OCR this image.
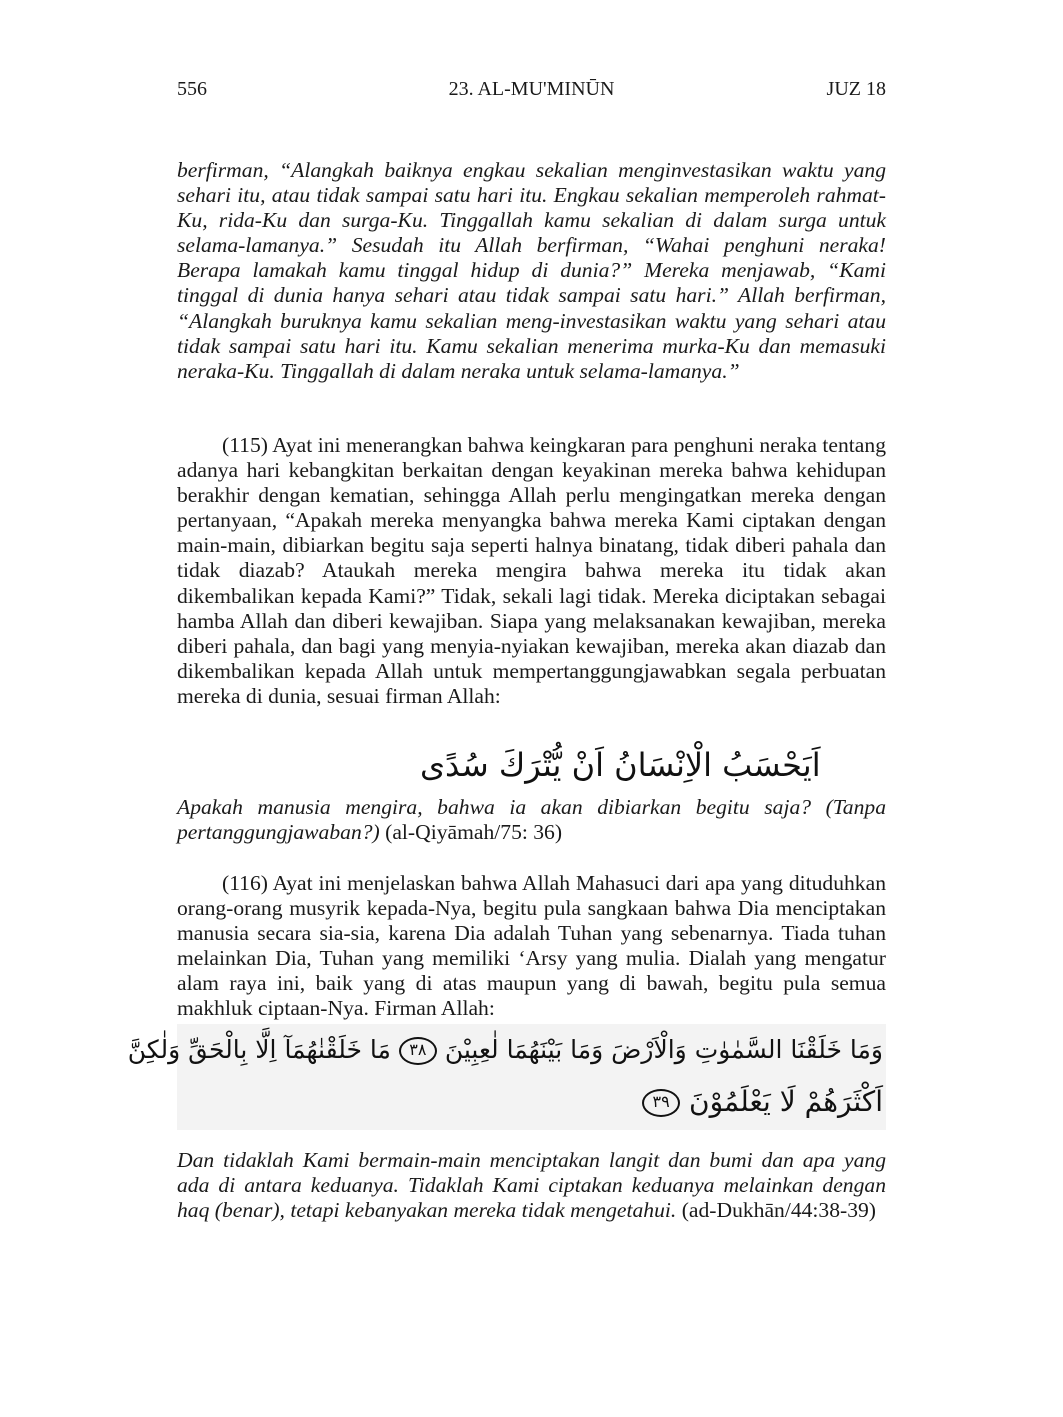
556	23. AL-MU'MINŪN	JUZ 18

berfirman, “Alangkah baiknya engkau sekalian menginvestasikan waktu yang sehari itu, atau tidak sampai satu hari itu. Engkau sekalian memperoleh rahmat-Ku, rida-Ku dan surga-Ku. Tinggallah kamu sekalian di dalam surga untuk selama-lamanya.” Sesudah itu Allah berfirman, “Wahai penghuni neraka! Berapa lamakah kamu tinggal hidup di dunia?” Mereka menjawab, “Kami tinggal di dunia hanya sehari atau tidak sampai satu hari.” Allah berfirman, “Alangkah buruknya kamu sekalian meng-investasikan waktu yang sehari atau tidak sampai satu hari itu. Kamu sekalian menerima murka-Ku dan memasuki neraka-Ku. Tinggallah di dalam neraka untuk selama-lamanya.”

(115) Ayat ini menerangkan bahwa keingkaran para penghuni neraka tentang adanya hari kebangkitan berkaitan dengan keyakinan mereka bahwa kehidupan berakhir dengan kematian, sehingga Allah perlu mengingatkan mereka dengan pertanyaan, “Apakah mereka menyangka bahwa mereka Kami ciptakan dengan main-main, dibiarkan begitu saja seperti halnya binatang, tidak diberi pahala dan tidak diazab? Ataukah mereka mengira bahwa mereka itu tidak akan dikembalikan kepada Kami?” Tidak, sekali lagi tidak. Mereka diciptakan sebagai hamba Allah dan diberi kewajiban. Siapa yang melaksanakan kewajiban, mereka diberi pahala, dan bagi yang menyia-nyiakan kewajiban, mereka akan diazab dan dikembalikan kepada Allah untuk mempertanggungjawabkan segala perbuatan mereka di dunia, sesuai firman Allah:

اَيَحْسَبُ الْاِنْسَانُ اَنْ يُّتْرَكَ سُدًى

Apakah manusia mengira, bahwa ia akan dibiarkan begitu saja? (Tanpa pertanggungjawaban?) (al-Qiyāmah/75: 36)

(116) Ayat ini menjelaskan bahwa Allah Mahasuci dari apa yang dituduhkan orang-orang musyrik kepada-Nya, begitu pula sangkaan bahwa Dia menciptakan manusia secara sia-sia, karena Dia adalah Tuhan yang sebenarnya. Tiada tuhan melainkan Dia, Tuhan yang memiliki ‘Arsy yang mulia. Dialah yang mengatur alam raya ini, baik yang di atas maupun yang di bawah, begitu pula semua makhluk ciptaan-Nya. Firman Allah:

وَمَا خَلَقْنَا السَّمٰوٰتِ وَالْاَرْضَ وَمَا بَيْنَهُمَا لٰعِبِيْنَ ٣٨ مَا خَلَقْنٰهُمَآ اِلَّا بِالْحَقِّ وَلٰكِنَّ
اَكْثَرَهُمْ لَا يَعْلَمُوْنَ ٣٩

Dan tidaklah Kami bermain-main menciptakan langit dan bumi dan apa yang ada di antara keduanya. Tidaklah Kami ciptakan keduanya melainkan dengan haq (benar), tetapi kebanyakan mereka tidak mengetahui. (ad-Dukhān/44:38-39)
